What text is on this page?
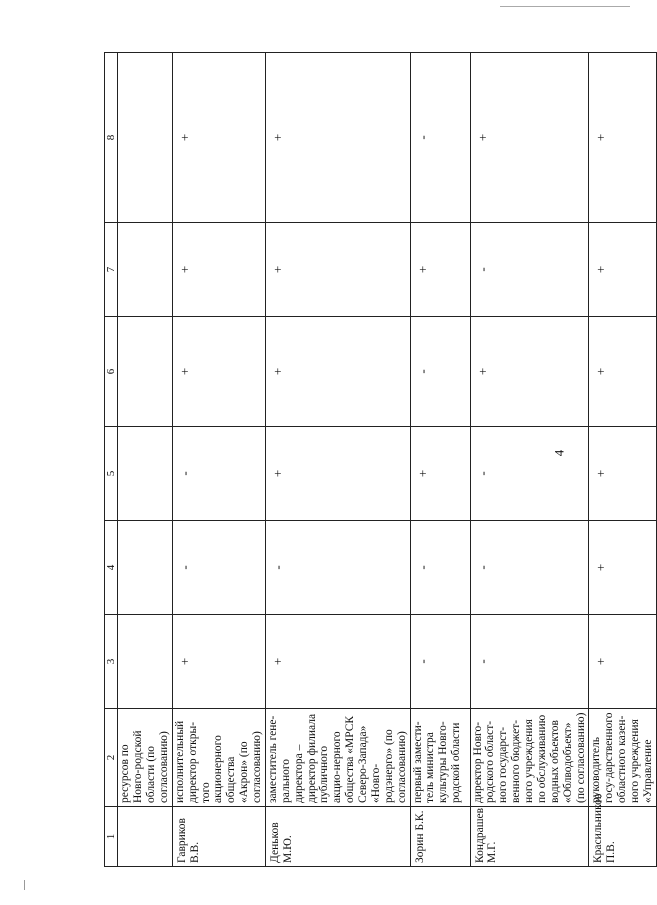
4
1	2	3	4	5	6	7	8
	ресурсов по Новго-родской области (по согласованию)						
Гавриков В.В.	исполнительный директор откры-того акционерного общества «Акрон» (по согласованию)	+	-	-	+	+	+
Деньков М.Ю.	заместитель гене-рального директора – директор филиала публичного акцио-нерного общества «МРСК Северо-Запада» «Новго-родэнерго» (по согласованию)	+	-	+	+	+	+
Зорин Б.К.	первый замести-тель министра культуры Новго-родской области	-	-	+	-	+	-
Кондрашев М.Г.	директор Новго-родского област-ного государст-венного бюджет-ного учреждения по обслуживанию водных объектов «Облводобъект» (по согласованию)	-	-	-	+	-	+
Красильников П.В.	руководитель госу-дарственного областного казен-ного учреждения «Управление	+	+	+	+	+	+
